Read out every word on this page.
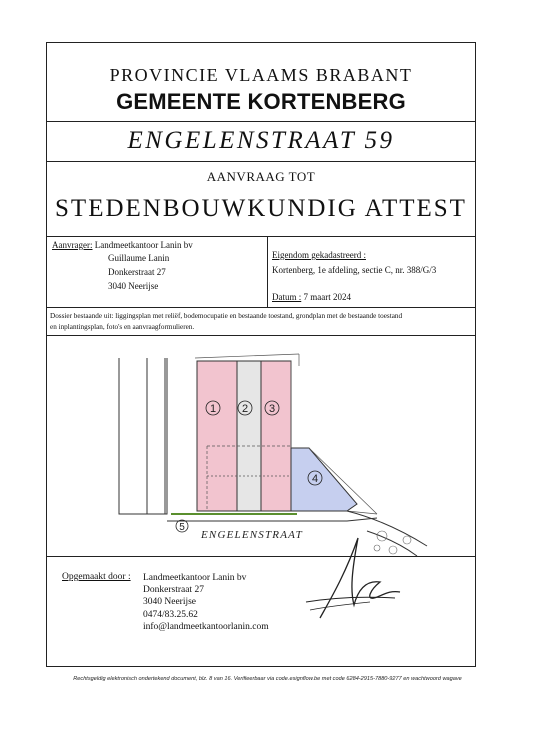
PROVINCIE VLAAMS BRABANT
GEMEENTE KORTENBERG
ENGELENSTRAAT 59
AANVRAAG TOT
STEDENBOUWKUNDIG ATTEST
Aanvrager: Landmeetkantoor Lanin bv
Guillaume Lanin
Donkerstraat 27
3040 Neerijse
Eigendom gekadastreerd :
Kortenberg, 1e afdeling, sectie C, nr. 388/G/3
Datum : 7 maart 2024
Dossier bestaande uit: liggingsplan met reliëf, bodemocupatie en bestaande toestand, grondplan met de bestaande toestand
en inplantingsplan, foto's en aanvraagformulieren.
1 2 3
4
5
ENGELENSTRAAT
Opgemaakt door : Landmeetkantoor Lanin bv
Donkerstraat 27
3040 Neerijse
0474/83.25.62
info@landmeetkantoorlanin.com
Rechtsgeldig elektronisch ondertekend document, blz. 8 van 16. Verifieerbaar via code.esignflow.be met code 6284-2915-7880-9277 en wachtwoord wagave
